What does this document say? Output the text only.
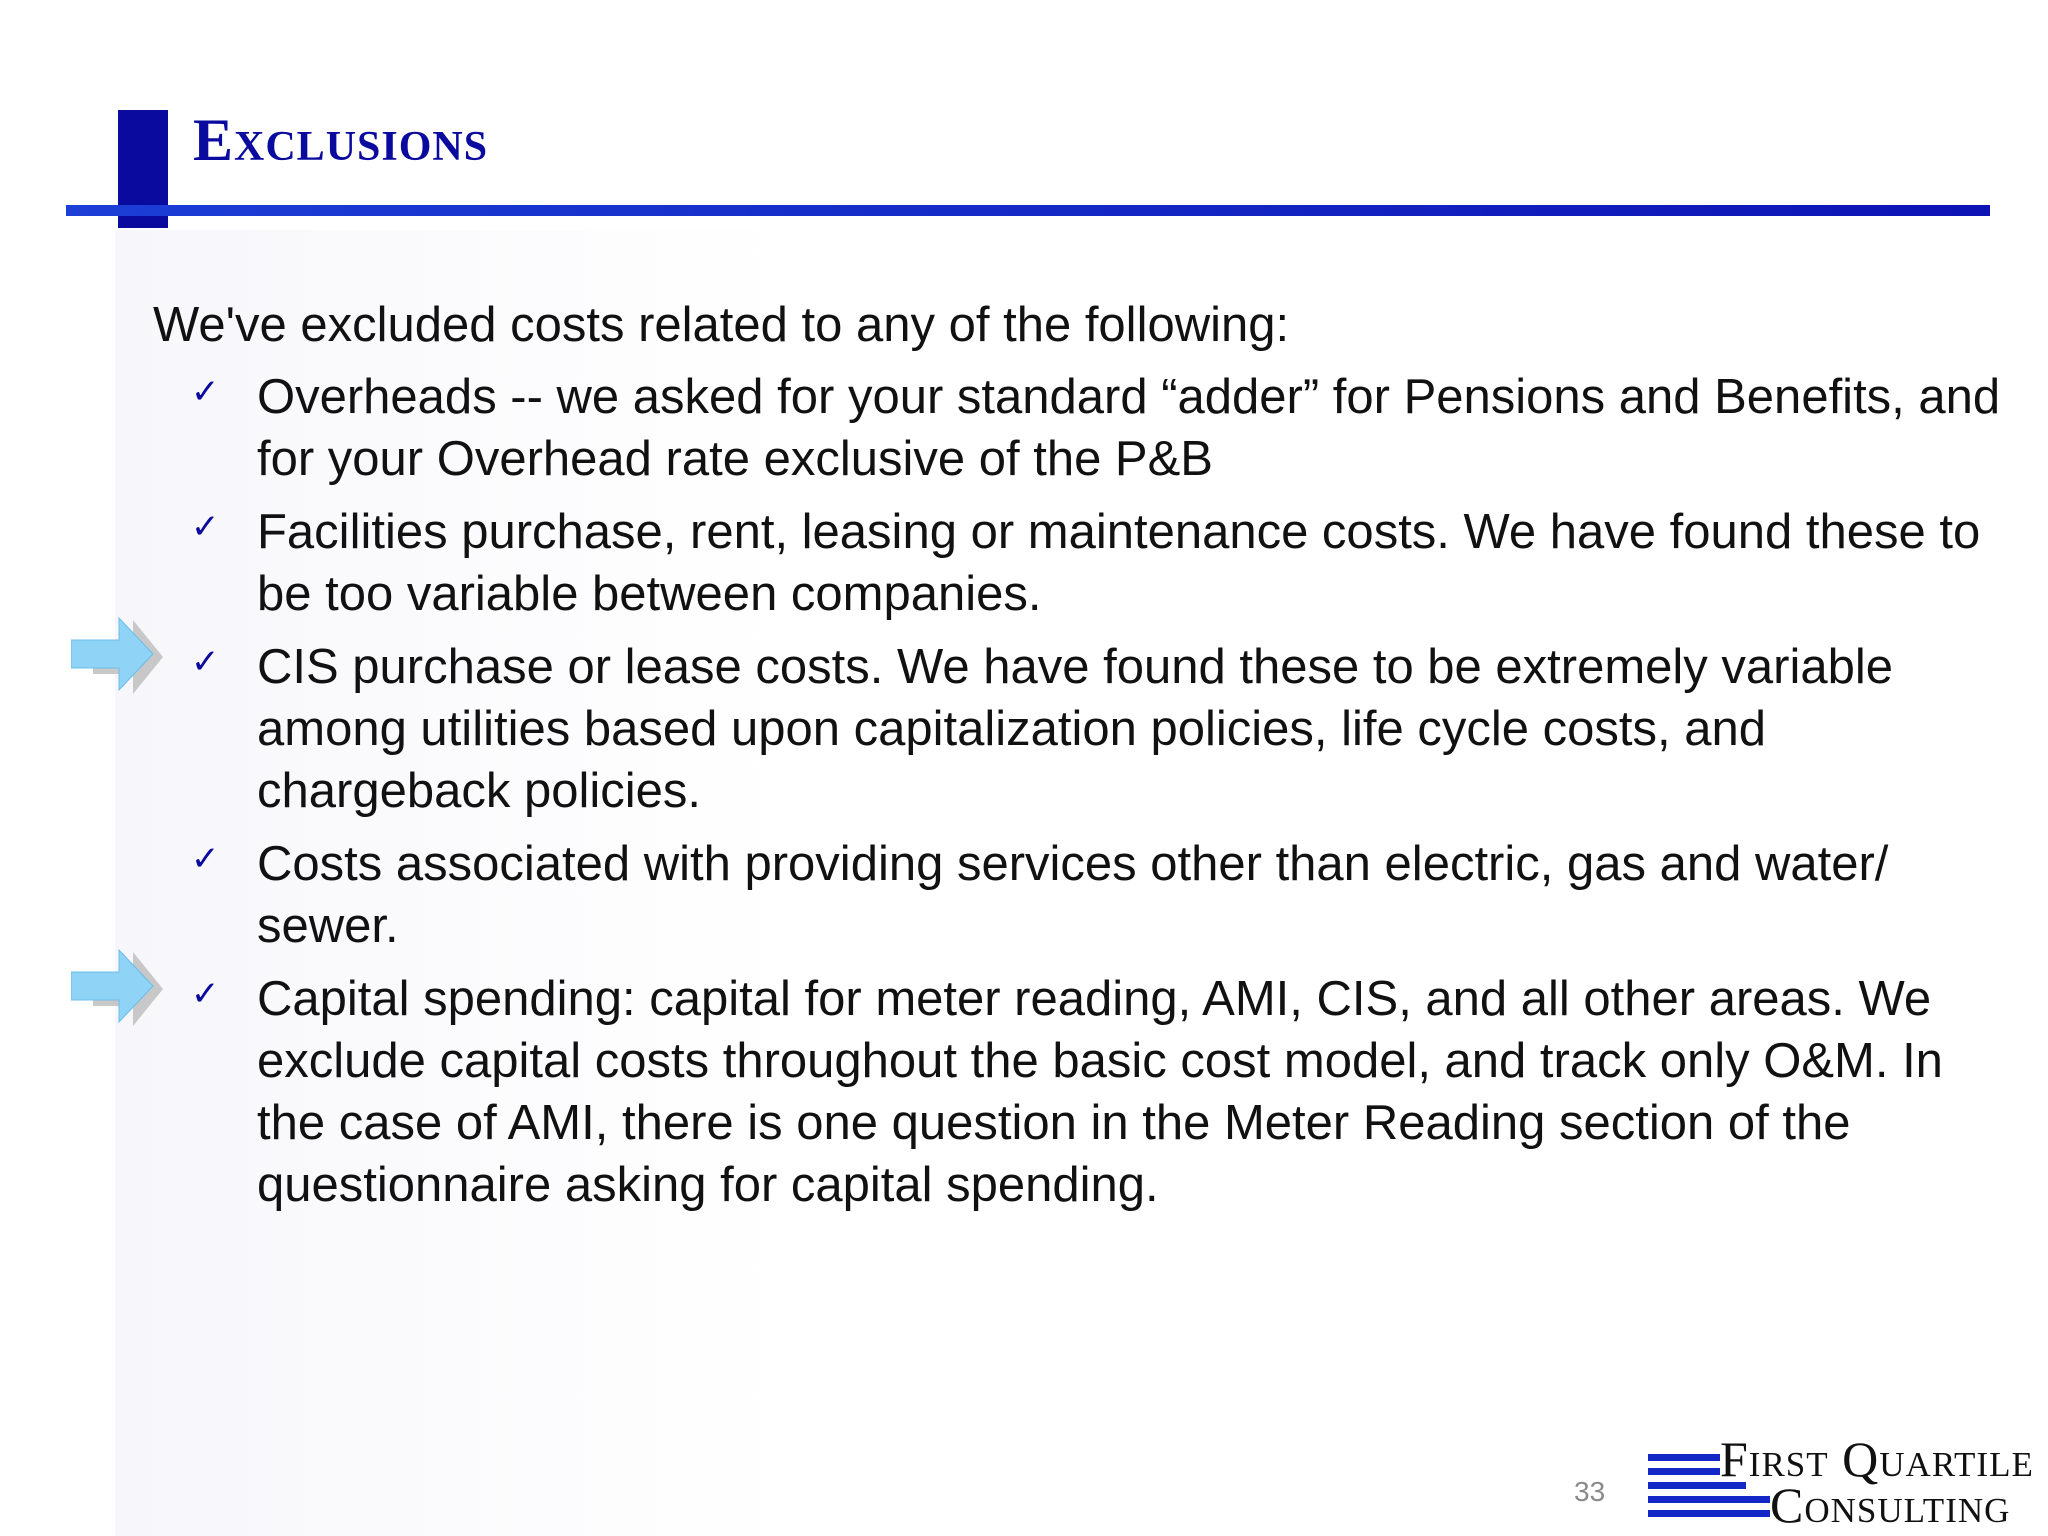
Exclusions

We've excluded costs related to any of the following:

✓ Overheads -- we asked for your standard “adder” for Pensions and Benefits, and for your Overhead rate exclusive of the P&B
✓ Facilities purchase, rent, leasing or maintenance costs. We have found these to be too variable between companies.
✓ CIS purchase or lease costs. We have found these to be extremely variable among utilities based upon capitalization policies, life cycle costs, and chargeback policies.
✓ Costs associated with providing services other than electric, gas and water/ sewer.
✓ Capital spending: capital for meter reading, AMI, CIS, and all other areas. We exclude capital costs throughout the basic cost model, and track only O&M. In the case of AMI, there is one question in the Meter Reading section of the questionnaire asking for capital spending.
33
First Quartile
Consulting
